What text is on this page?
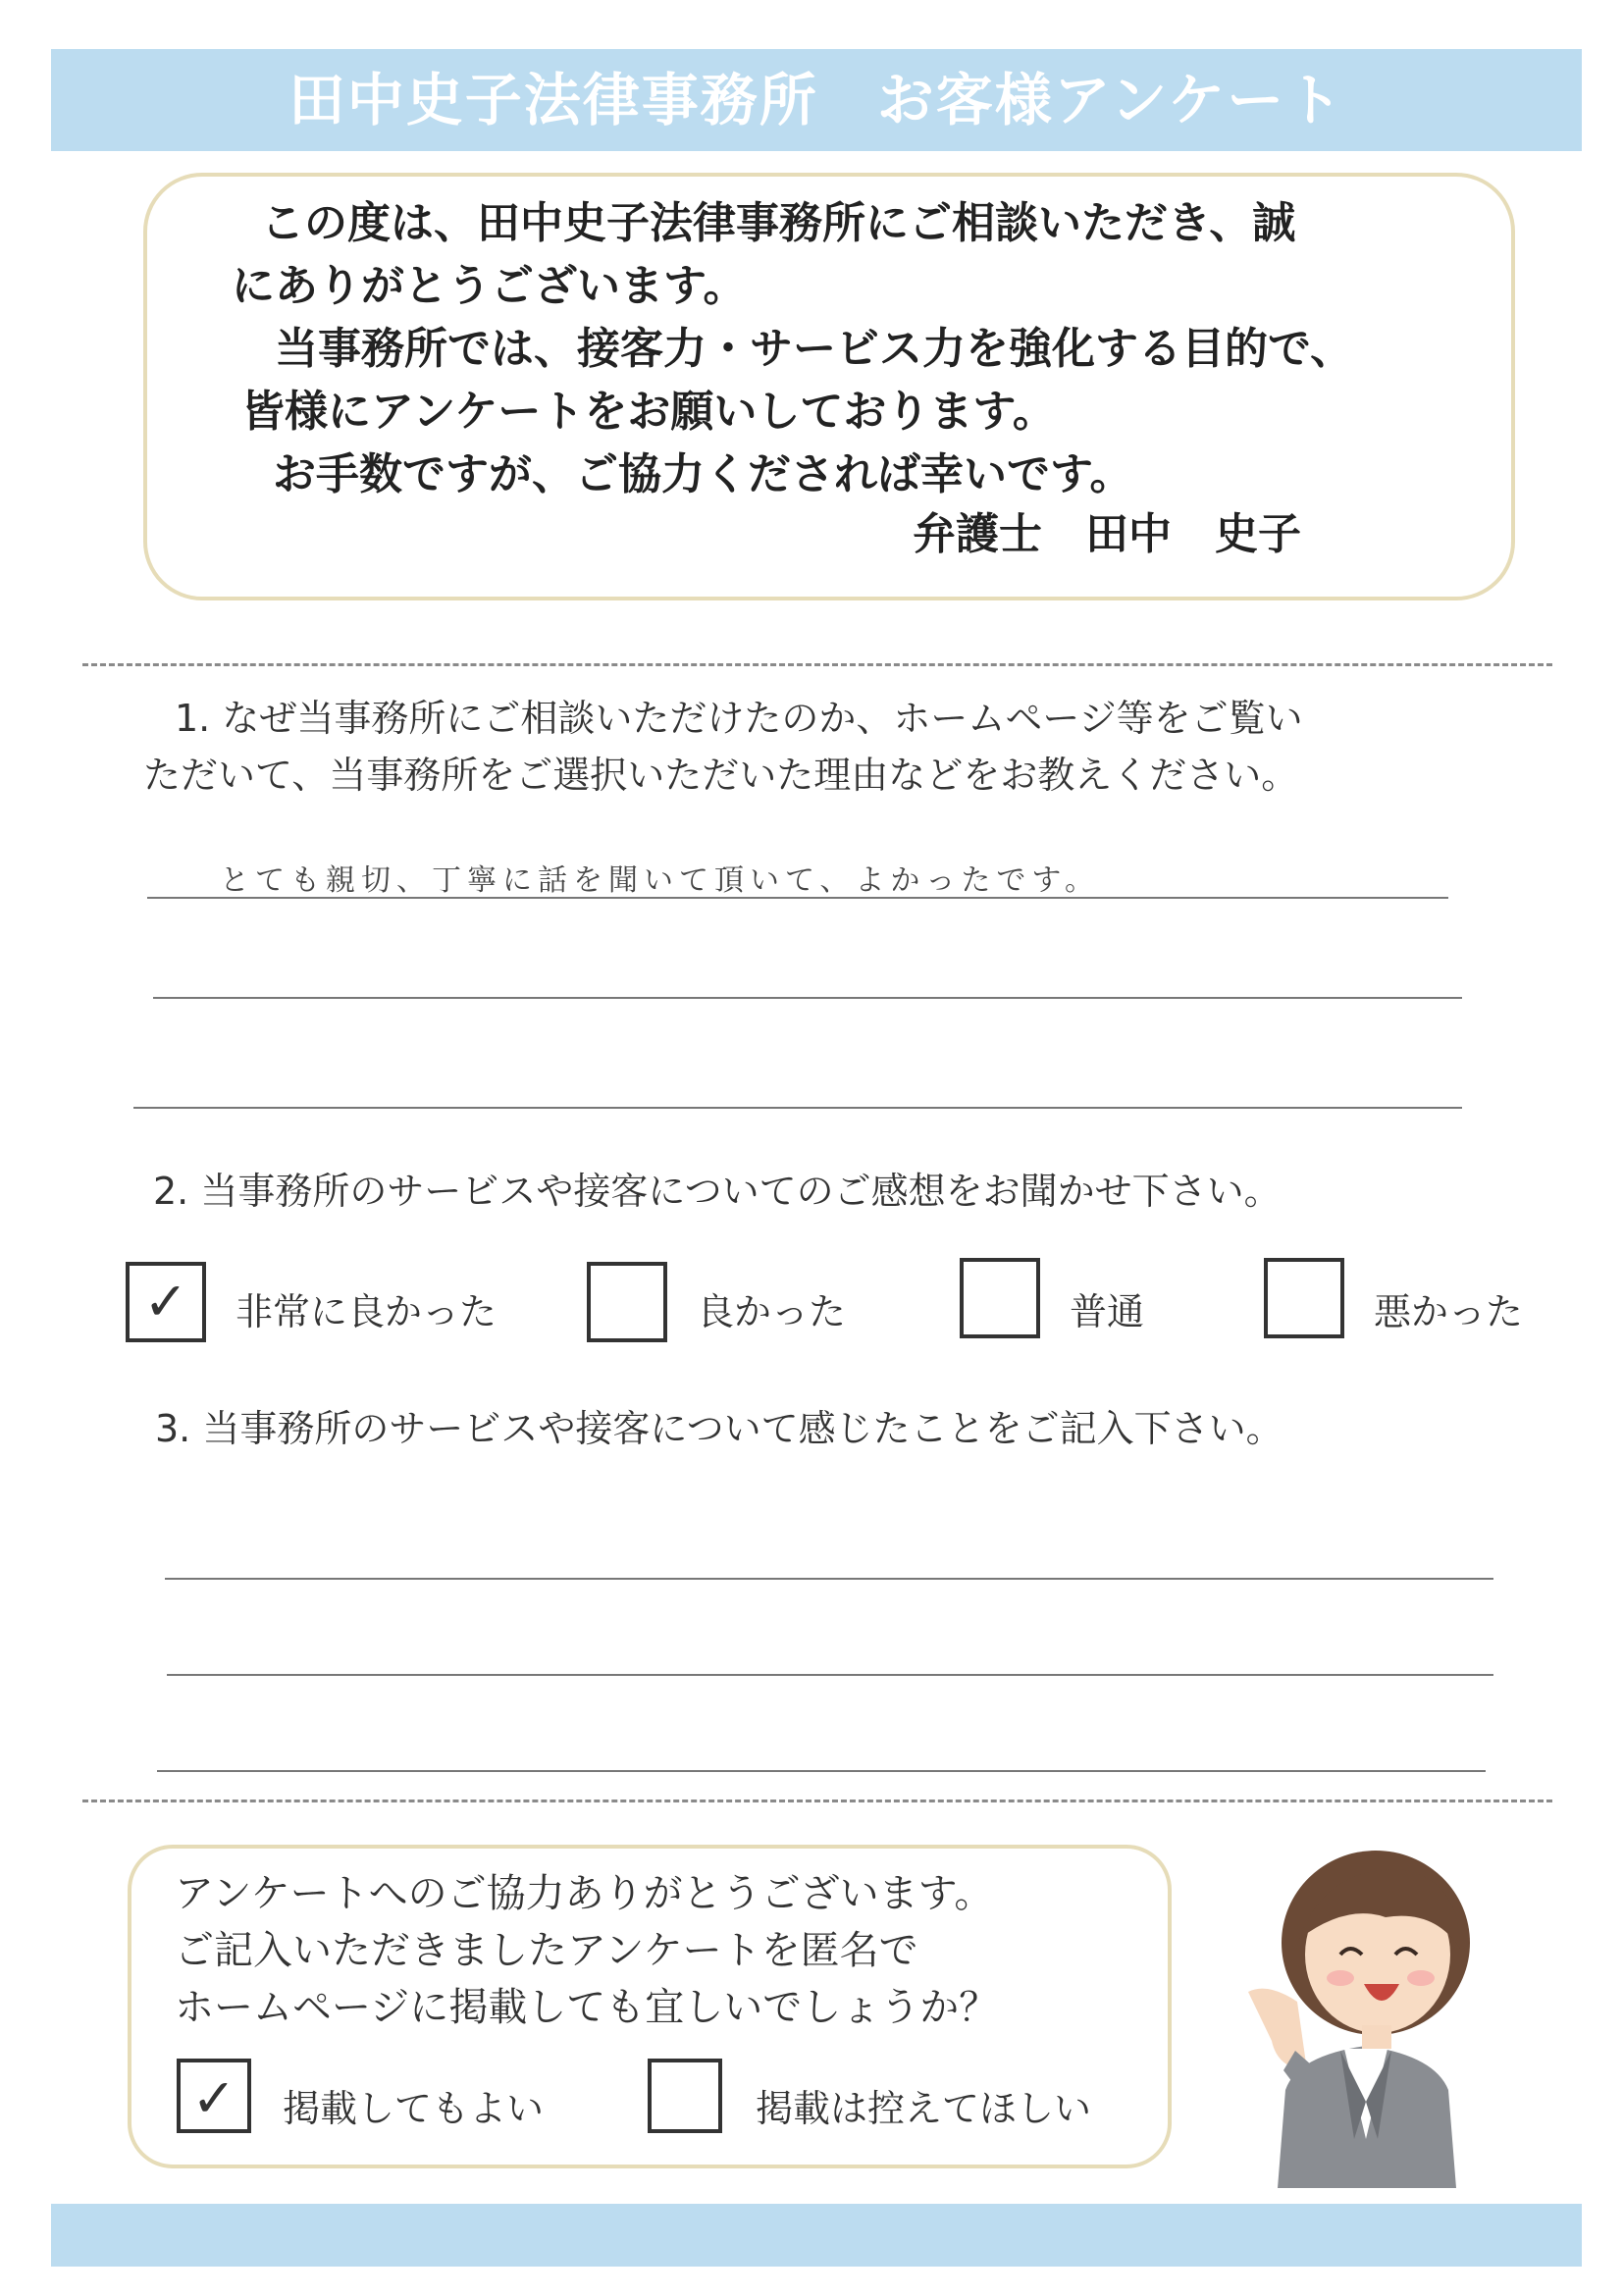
田中史子法律事務所　お客様アンケート
この度は、田中史子法律事務所にご相談いただき、誠
にありがとうございます。
当事務所では、接客力・サービス力を強化する目的で、
皆様にアンケートをお願いしております。
お手数ですが、ご協力くだされば幸いです。
弁護士　田中　史子
1. なぜ当事務所にご相談いただけたのか、ホームページ等をご覧い
ただいて、当事務所をご選択いただいた理由などをお教えください。
とても親切、丁寧に話を聞いて頂いて、よかったです。
2. 当事務所のサービスや接客についてのご感想をお聞かせ下さい。
✓	非常に良かった	良かった	普通	悪かった
3. 当事務所のサービスや接客について感じたことをご記入下さい。
アンケートへのご協力ありがとうございます。
ご記入いただきましたアンケートを匿名で
ホームページに掲載しても宜しいでしょうか？
✓ 掲載してもよい	掲載は控えてほしい
